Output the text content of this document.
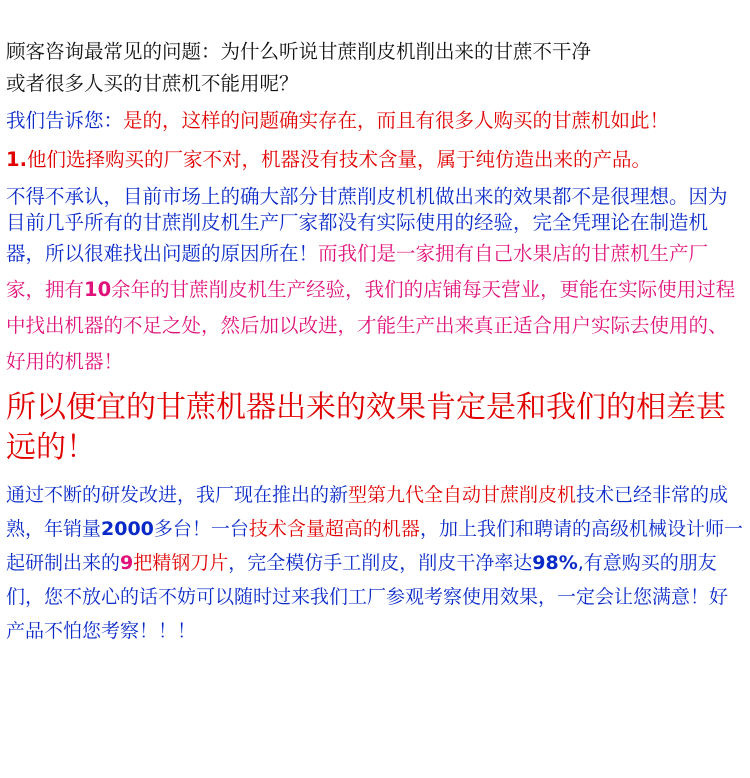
顾客咨询最常见的问题：为什么听说甘蔗削皮机削出来的甘蔗不干净
或者很多人买的甘蔗机不能用呢？
我们告诉您：是的，这样的问题确实存在，而且有很多人购买的甘蔗机如此！
1.他们选择购买的厂家不对，机器没有技术含量，属于纯仿造出来的产品。
不得不承认，目前市场上的确大部分甘蔗削皮机机做出来的效果都不是很理想。因为目前几乎所有的甘蔗削皮机生产厂家都没有实际使用的经验，完全凭理论在制造机器，所以很难找出问题的原因所在！而我们是一家拥有自己水果店的甘蔗机生产厂家，拥有10余年的甘蔗削皮机生产经验，我们的店铺每天营业，更能在实际使用过程中找出机器的不足之处，然后加以改进，才能生产出来真正适合用户实际去使用的、好用的机器！
所以便宜的甘蔗机器出来的效果肯定是和我们的相差甚远的！
通过不断的研发改进，我厂现在推出的新型第九代全自动甘蔗削皮机技术已经非常的成熟，年销量2000多台！一台技术含量超高的机器，加上我们和聘请的高级机械设计师一起研制出来的9把精钢刀片，完全模仿手工削皮，削皮干净率达98%,有意购买的朋友们，您不放心的话不妨可以随时过来我们工厂参观考察使用效果，一定会让您满意！好产品不怕您考察！！！
